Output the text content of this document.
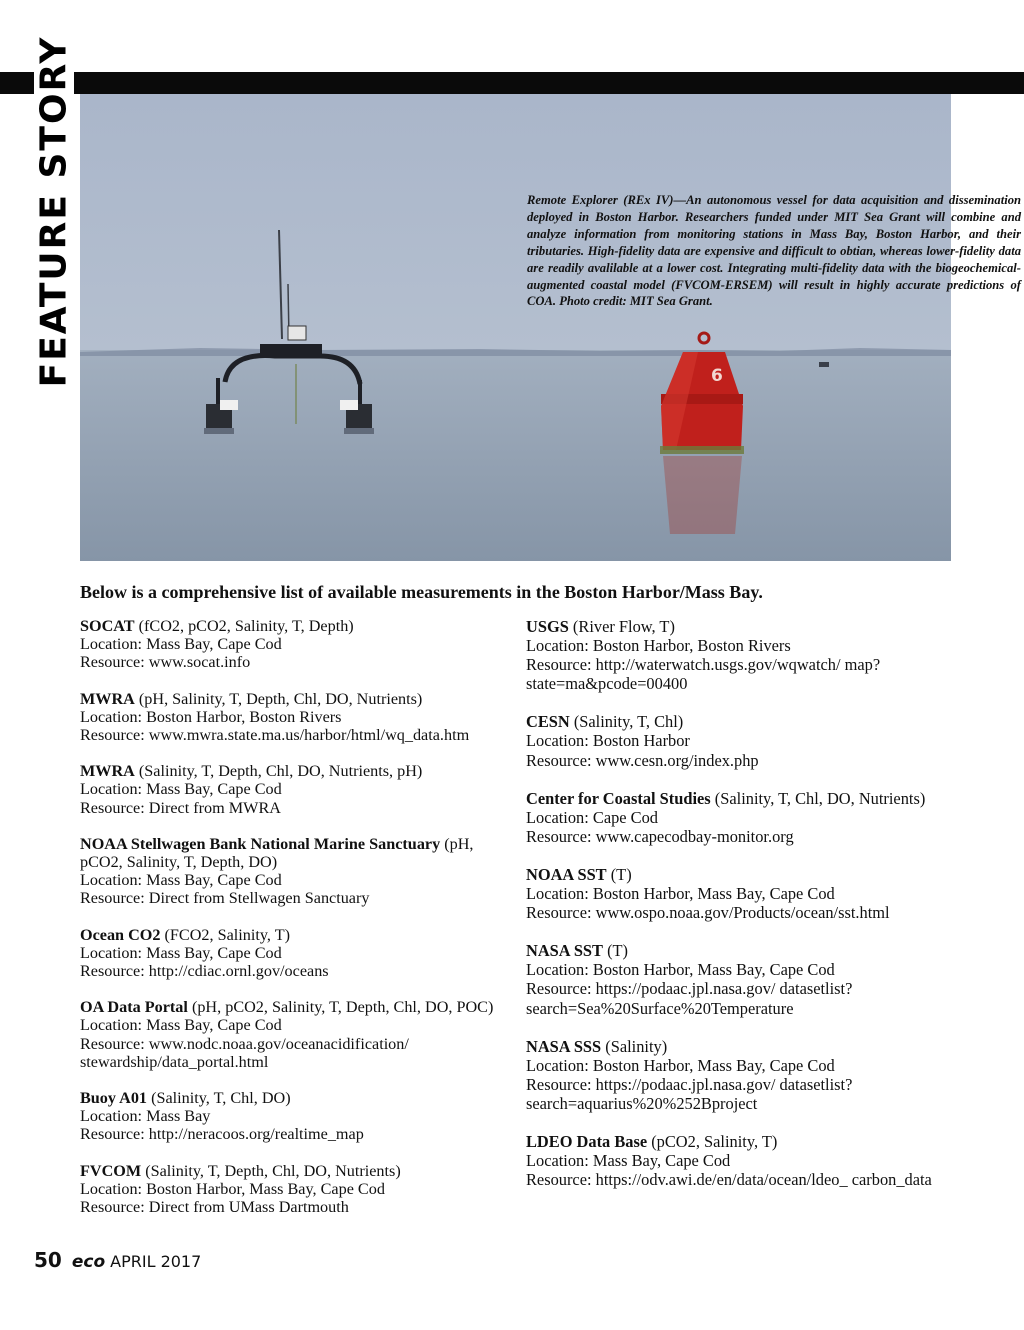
FEATURE STORY	6
Remote Explorer (REx IV)—An autonomous vessel for data acquisition and dissemination deployed in Boston Harbor. Researchers funded under MIT Sea Grant will combine and analyze information from monitoring stations in Mass Bay, Boston Harbor, and their tributaries. High-fidelity data are expensive and difficult to obtian, whereas lower-fidelity data are readily avalilable at a lower cost. Integrating multi-fidelity data with the biogeochemical- augmented coastal model (FVCOM-ERSEM) will result in highly accurate predictions of COA. Photo credit: MIT Sea Grant.
Below is a comprehensive list of available measurements in the Boston Harbor/Mass Bay.
SOCAT (fCO2, pCO2, Salinity, T, Depth)
Location: Mass Bay, Cape Cod
Resource: www.socat.info
MWRA (pH, Salinity, T, Depth, Chl, DO, Nutrients)
Location: Boston Harbor, Boston Rivers
Resource: www.mwra.state.ma.us/harbor/html/wq_data.htm
MWRA (Salinity, T, Depth, Chl, DO, Nutrients, pH)
Location: Mass Bay, Cape Cod
Resource: Direct from MWRA
NOAA Stellwagen Bank National Marine Sanctuary (pH, pCO2, Salinity, T, Depth, DO)
Location: Mass Bay, Cape Cod
Resource: Direct from Stellwagen Sanctuary
Ocean CO2 (FCO2, Salinity, T)
Location: Mass Bay, Cape Cod
Resource: http://cdiac.ornl.gov/oceans
OA Data Portal (pH, pCO2, Salinity, T, Depth, Chl, DO, POC)
Location: Mass Bay, Cape Cod
Resource: www.nodc.noaa.gov/oceanacidification/ stewardship/data_portal.html
Buoy A01 (Salinity, T, Chl, DO)
Location: Mass Bay
Resource: http://neracoos.org/realtime_map
FVCOM (Salinity, T, Depth, Chl, DO, Nutrients)
Location: Boston Harbor, Mass Bay, Cape Cod
Resource: Direct from UMass Dartmouth
USGS (River Flow, T)
Location: Boston Harbor, Boston Rivers
Resource: http://waterwatch.usgs.gov/wqwatch/ map?state=ma&pcode=00400
CESN (Salinity, T, Chl)
Location: Boston Harbor
Resource: www.cesn.org/index.php
Center for Coastal Studies (Salinity, T, Chl, DO, Nutrients)
Location: Cape Cod
Resource: www.capecodbay-monitor.org
NOAA SST (T)
Location: Boston Harbor, Mass Bay, Cape Cod
Resource: www.ospo.noaa.gov/Products/ocean/sst.html
NASA SST (T)
Location: Boston Harbor, Mass Bay, Cape Cod
Resource: https://podaac.jpl.nasa.gov/ datasetlist?search=Sea%20Surface%20Temperature
NASA SSS (Salinity)
Location: Boston Harbor, Mass Bay, Cape Cod
Resource: https://podaac.jpl.nasa.gov/ datasetlist?search=aquarius%20%252Bproject
LDEO Data Base (pCO2, Salinity, T)
Location: Mass Bay, Cape Cod
Resource: https://odv.awi.de/en/data/ocean/ldeo_ carbon_data
50 eco APRIL 2017
